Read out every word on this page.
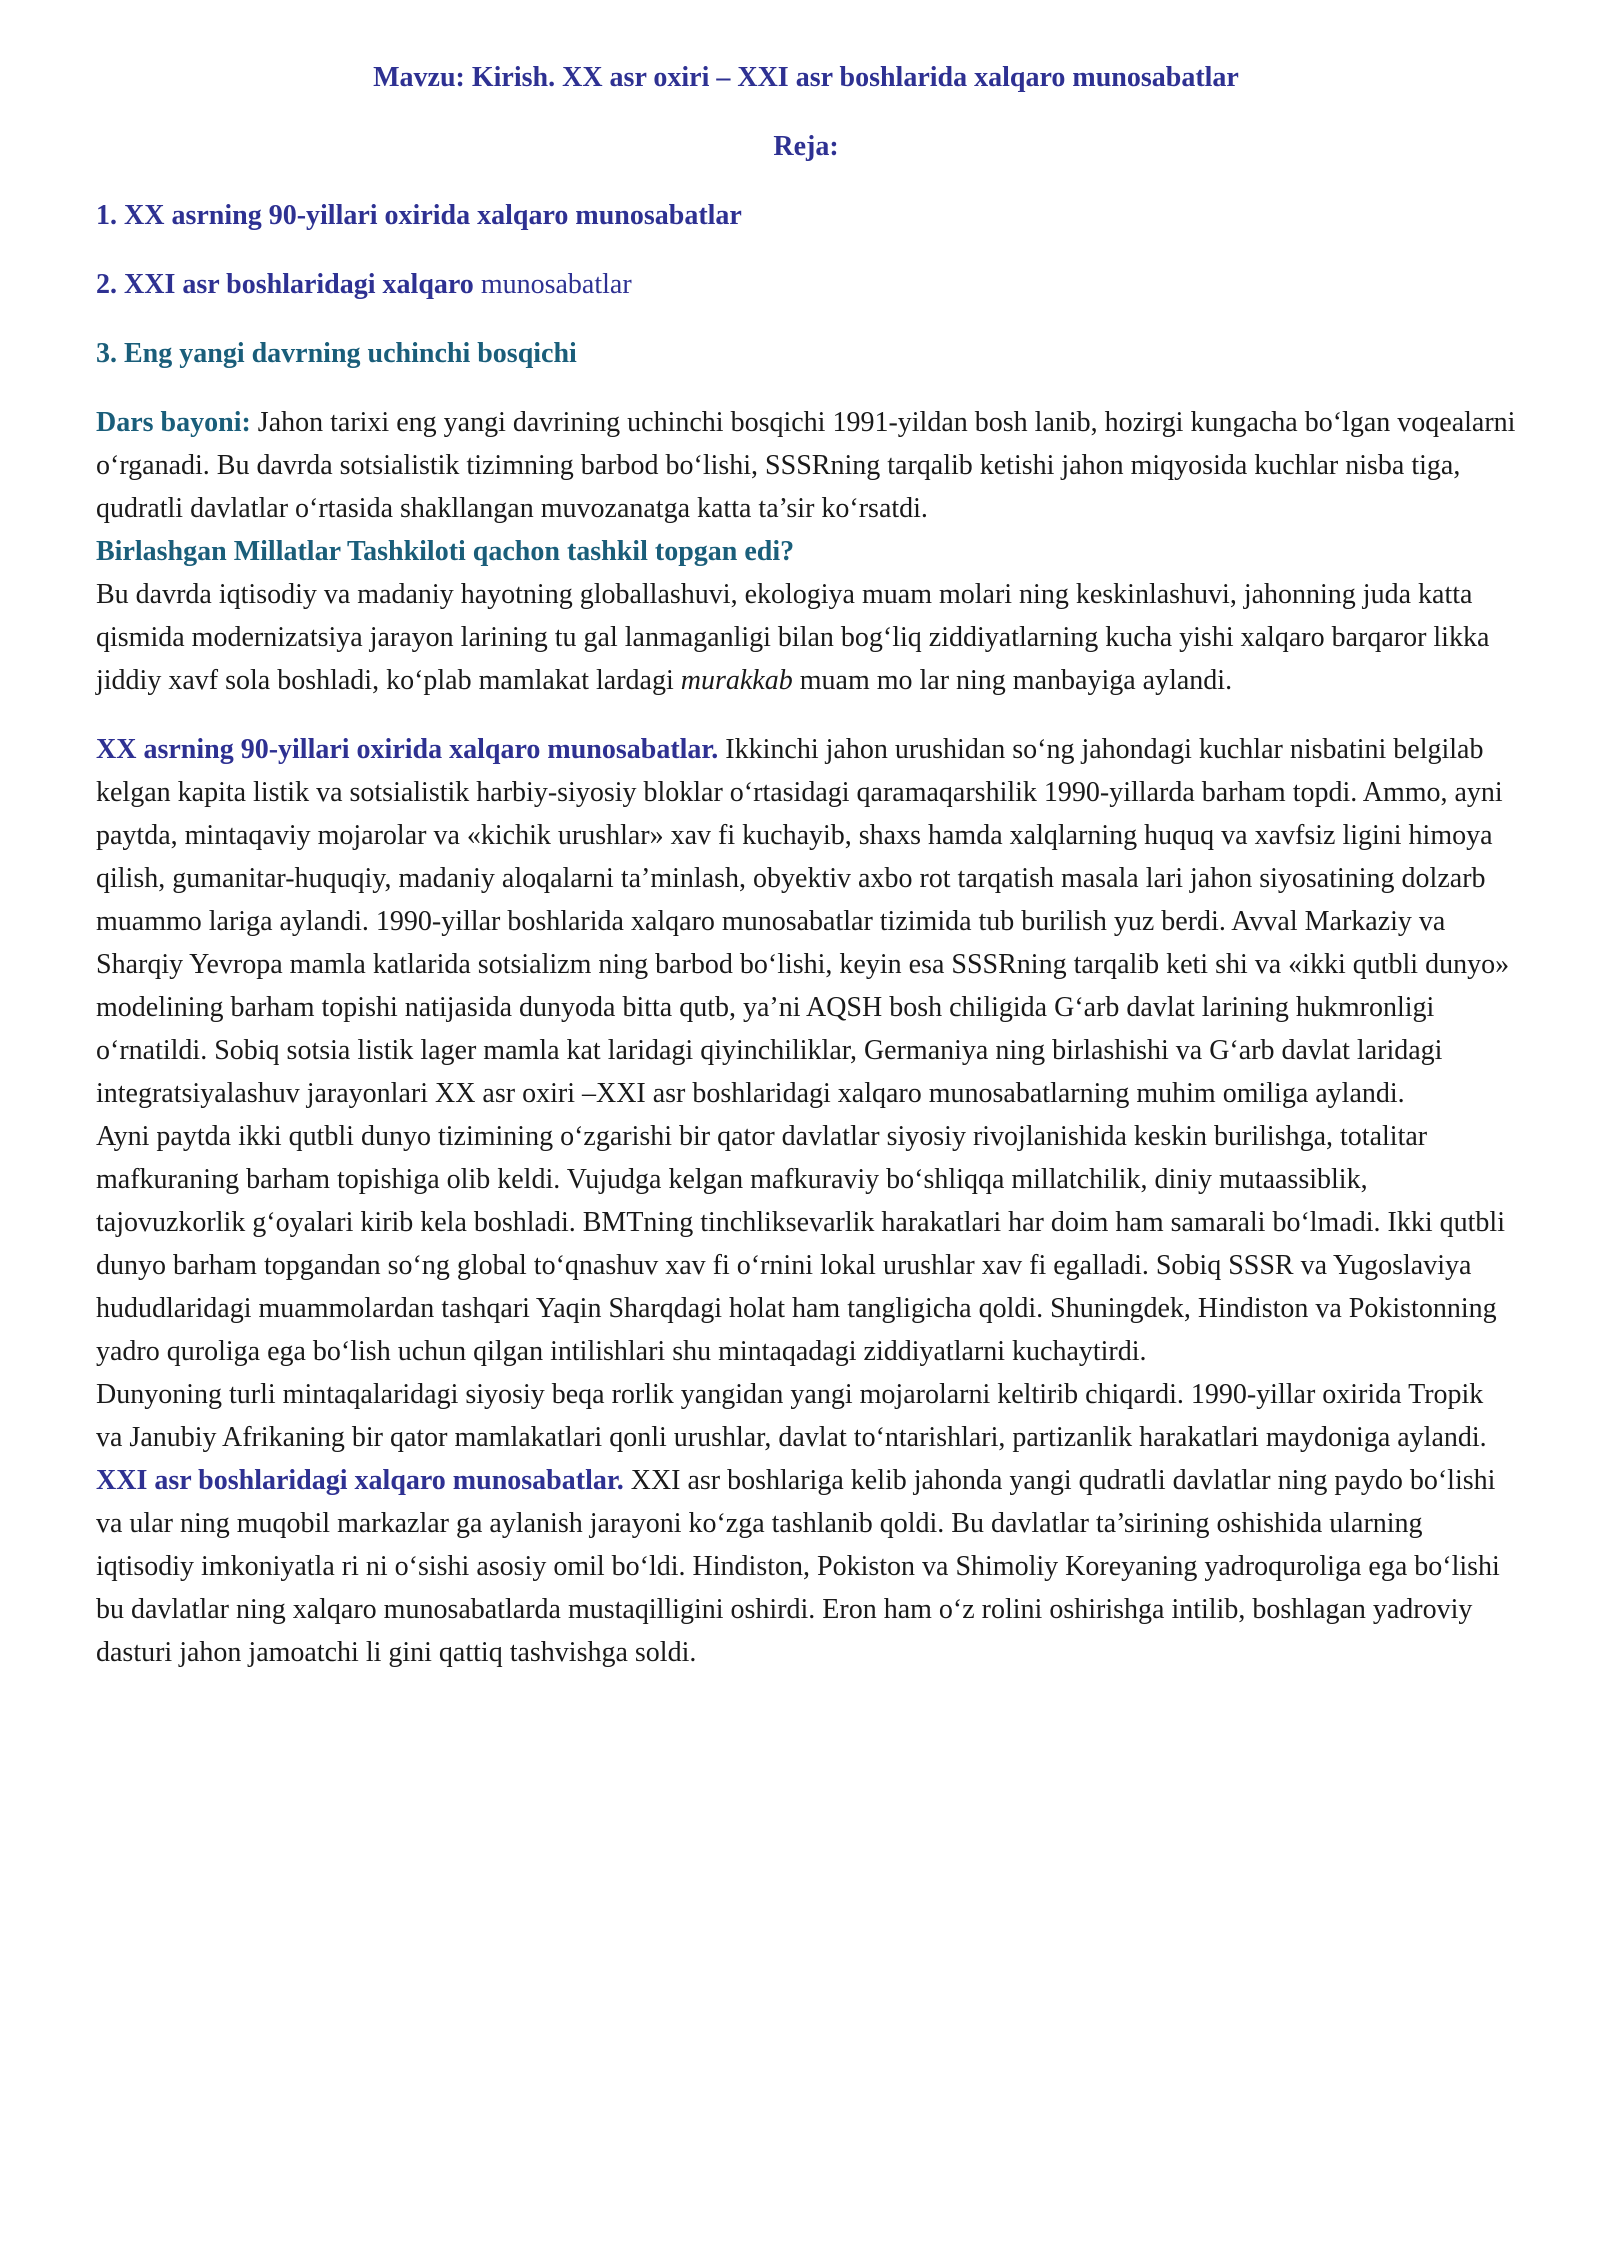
Mavzu: Kirish. XX asr oxiri – XXI asr boshlarida xalqaro munosabatlar
Reja:
1. XX asrning 90-yillari oxirida xalqaro munosabatlar
2. XXI asr boshlaridagi xalqaro munosabatlar
3. Eng yangi davrning uchinchi bosqichi

Dars bayoni: Jahon tarixi eng yangi davrining uchinchi bosqichi 1991-yildan bosh lanib, hozirgi kungacha bo‘lgan voqealarni o‘rganadi. Bu davrda sotsialistik tizimning barbod bo‘lishi, SSSRning tarqalib ketishi jahon miqyosida kuchlar nisba tiga, qudratli davlatlar o‘rtasida shakllangan muvozanatga katta ta’sir ko‘rsatdi.

Birlashgan Millatlar Tashkiloti qachon tashkil topgan edi?

Bu davrda iqtisodiy va madaniy hayotning globallashuvi, ekologiya muam molari ning keskinlashuvi, jahonning juda katta qismida modernizatsiya jarayon larining tu gal lanmaganligi bilan bog‘liq ziddiyatlarning kucha yishi xalqaro barqaror likka jiddiy xavf sola boshladi, ko‘plab mamlakat lardagi murakkab muam mo lar ning manbayiga aylandi.

XX asrning 90-yillari oxirida xalqaro munosabatlar. Ikkinchi jahon urushidan so‘ng jahondagi kuchlar nisbatini belgilab kelgan kapita listik va sotsialistik harbiy-siyosiy bloklar o‘rtasidagi qaramaqarshilik 1990-yillarda barham topdi. Ammo, ayni paytda, mintaqaviy mojarolar va «kichik urushlar» xav fi kuchayib, shaxs hamda xalqlarning huquq va xavfsiz ligini himoya qilish, gumanitar-huquqiy, madaniy aloqalarni ta’minlash, obyektiv axbo rot tarqatish masala lari jahon siyosatining dolzarb muammo lariga aylandi. 1990-yillar boshlarida xalqaro munosabatlar tizimida tub burilish yuz berdi. Avval Markaziy va Sharqiy Yevropa mamla katlarida sotsializm ning barbod bo‘lishi, keyin esa SSSRning tarqalib keti shi va «ikki qutbli dunyo» modelining barham topishi natijasida dunyoda bitta qutb, ya’ni AQSH bosh chiligida G‘arb davlat larining hukmronligi o‘rnatildi. Sobiq sotsia listik lager mamla kat laridagi qiyinchiliklar, Germaniya ning birlashishi va G‘arb davlat laridagi integratsiyalashuv jarayonlari XX asr oxiri –XXI asr boshlaridagi xalqaro munosabatlarning muhim omiliga aylandi.

Ayni paytda ikki qutbli dunyo tizimining o‘zgarishi bir qator davlatlar siyosiy rivojlanishida keskin burilishga, totalitar mafkuraning barham topishiga olib keldi. Vujudga kelgan mafkuraviy bo‘shliqqa millatchilik, diniy mutaassiblik, tajovuzkorlik g‘oyalari kirib kela boshladi. BMTning tinchliksevarlik harakatlari har doim ham samarali bo‘lmadi. Ikki qutbli dunyo barham topgandan so‘ng global to‘qnashuv xav fi o‘rnini lokal urushlar xav fi egalladi. Sobiq SSSR va Yugoslaviya hududlaridagi muammolardan tashqari Yaqin Sharqdagi holat ham tangligicha qoldi. Shuningdek, Hindiston va Pokistonning yadro quroliga ega bo‘lish uchun qilgan intilishlari shu mintaqadagi ziddiyatlarni kuchaytirdi.

Dunyoning turli mintaqalaridagi siyosiy beqa rorlik yangidan yangi mojarolarni keltirib chiqardi. 1990-yillar oxirida Tropik va Janubiy Afrikaning bir qator mamlakatlari qonli urushlar, davlat to‘ntarishlari, partizanlik harakatlari maydoniga aylandi.

XXI asr boshlaridagi xalqaro munosabatlar. XXI asr boshlariga kelib jahonda yangi qudratli davlatlar ning paydo bo‘lishi va ular ning muqobil markazlar ga aylanish jarayoni ko‘zga tashlanib qoldi. Bu davlatlar ta’sirining oshishida ularning iqtisodiy imkoniyatla ri ni o‘sishi asosiy omil bo‘ldi. Hindiston, Pokiston va Shimoliy Koreyaning yadroquroliga ega bo‘lishi bu davlatlar ning xalqaro munosabatlarda mustaqilligini oshirdi. Eron ham o‘z rolini oshirishga intilib, boshlagan yadroviy dasturi jahon jamoatchi li gini qattiq tashvishga soldi.
